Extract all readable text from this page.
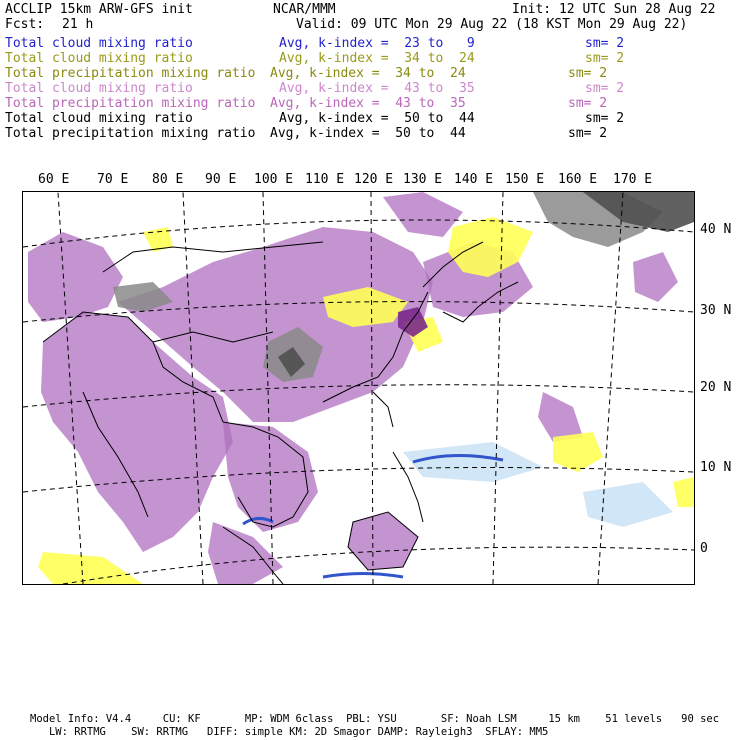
ACCLIP 15km ARW-GFS init	NCAR/MMM	Init: 12 UTC Sun 28 Aug 22
Fcst: 21 h	Valid: 09 UTC Mon 29 Aug 22 (18 KST Mon 29 Aug 22)
Total cloud mixing ratio	Avg, k-index =  23 to   9	sm= 2
Total cloud mixing ratio	Avg, k-index =  34 to  24	sm= 2
Total precipitation mixing ratio Avg, k-index =  34 to  24	sm= 2
Total cloud mixing ratio	Avg, k-index =  43 to  35	sm= 2
Total precipitation mixing ratio Avg, k-index =  43 to  35	sm= 2
Total cloud mixing ratio	Avg, k-index =  50 to  44	sm= 2
Total precipitation mixing ratio Avg, k-index =  50 to  44	sm= 2
60 E 70 E 80 E 90 E 100 E 110 E 120 E 130 E 140 E 150 E 160 E 170 E
40 N
30 N
20 N
10 N
0
Model Info: V4.4     CU: KF       MP: WDM 6class  PBL: YSU       SF: Noah LSM     15 km    51 levels   90 sec
LW: RRTMG    SW: RRTMG   DIFF: simple KM: 2D Smagor DAMP: Rayleigh3  SFLAY: MM5
